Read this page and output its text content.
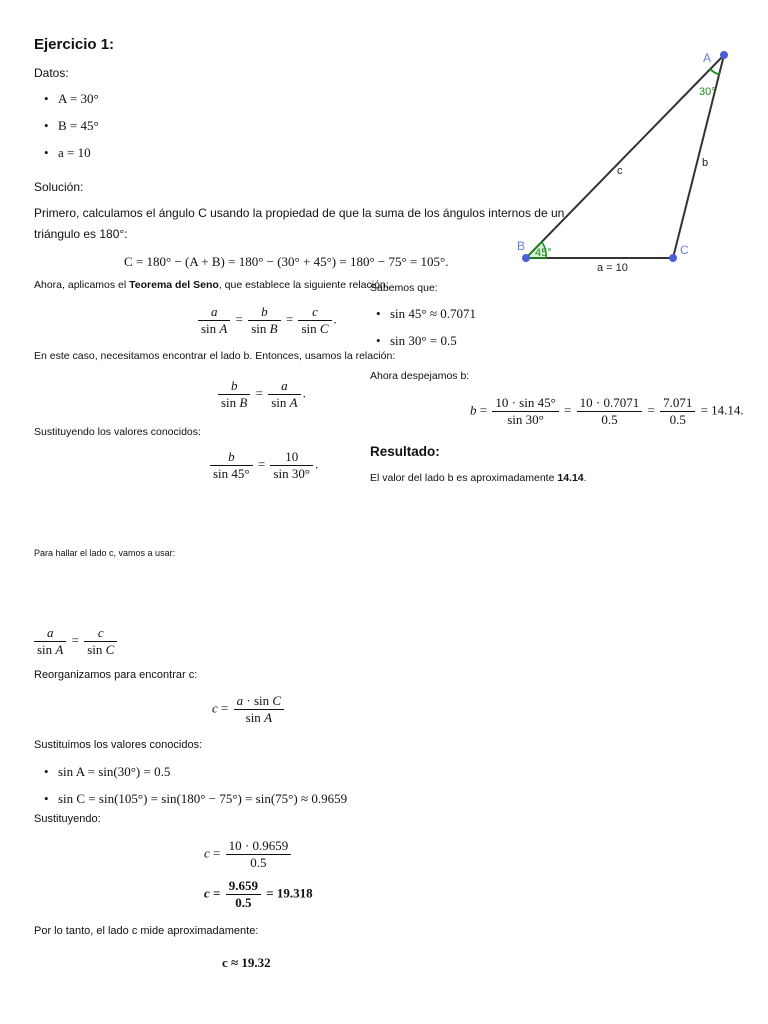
Ejercicio 1:
Datos:
• A = 30°
• B = 45°
• a = 10
Solución:
Primero, calculamos el ángulo C usando la propiedad de que la suma de los ángulos internos de un
triángulo es 180°:
C = 180° − (A + B) = 180° − (30° + 45°) = 180° − 75° = 105°.
A
B	C
c
b
a = 10
30°
45°
Ahora, aplicamos el Teorema del Seno, que establece la siguiente relación:
Sabemos que:
$\frac{a}{\text{sin A}} = \frac{b}{\text{sin B}} = \frac{c}{\text{sin C}}$ .
•	sin 45° ≈ 0.7071
• sin 30° = 0.5
En este caso, necesitamos encontrar el lado b. Entonces, usamos la relación:
Ahora despejamos b:
$\frac{b}{\text{sin B}} = \frac{a}{\text{sin A}}$ .
$b = \frac{10 \cdot \sin 45^\circ}{\sin 30^\circ} = \frac{10 \cdot 0.7071}{0.5} = \frac{7.071}{0.5} = 14.14$.
Sustituyendo los valores conocidos:
$\frac{b}{\sin 45^\circ} = \frac{10}{\sin 30^\circ}$ .
Resultado:
El valor del lado b es aproximadamente 14.14.
Para hallar el lado c, vamos a usar:
$\frac{a}{\text{sin A}} = \frac{c}{\text{sin C}}$
Reorganizamos para encontrar c:
$c = \frac{\text{a · sin C}}{\text{sin A}}$
Sustituimos los valores conocidos:
• sin A = sin(30°) = 0.5
• sin C = sin(105°) = sin(180° − 75°) = sin(75°) ≈ 0.9659
Sustituyendo:
$c = \frac{10 \cdot 0.9659}{0.5}$
$c = \frac{9.659}{0.5} = 19.318$
Por lo tanto, el lado c mide aproximadamente:
c ≈ 19.32
